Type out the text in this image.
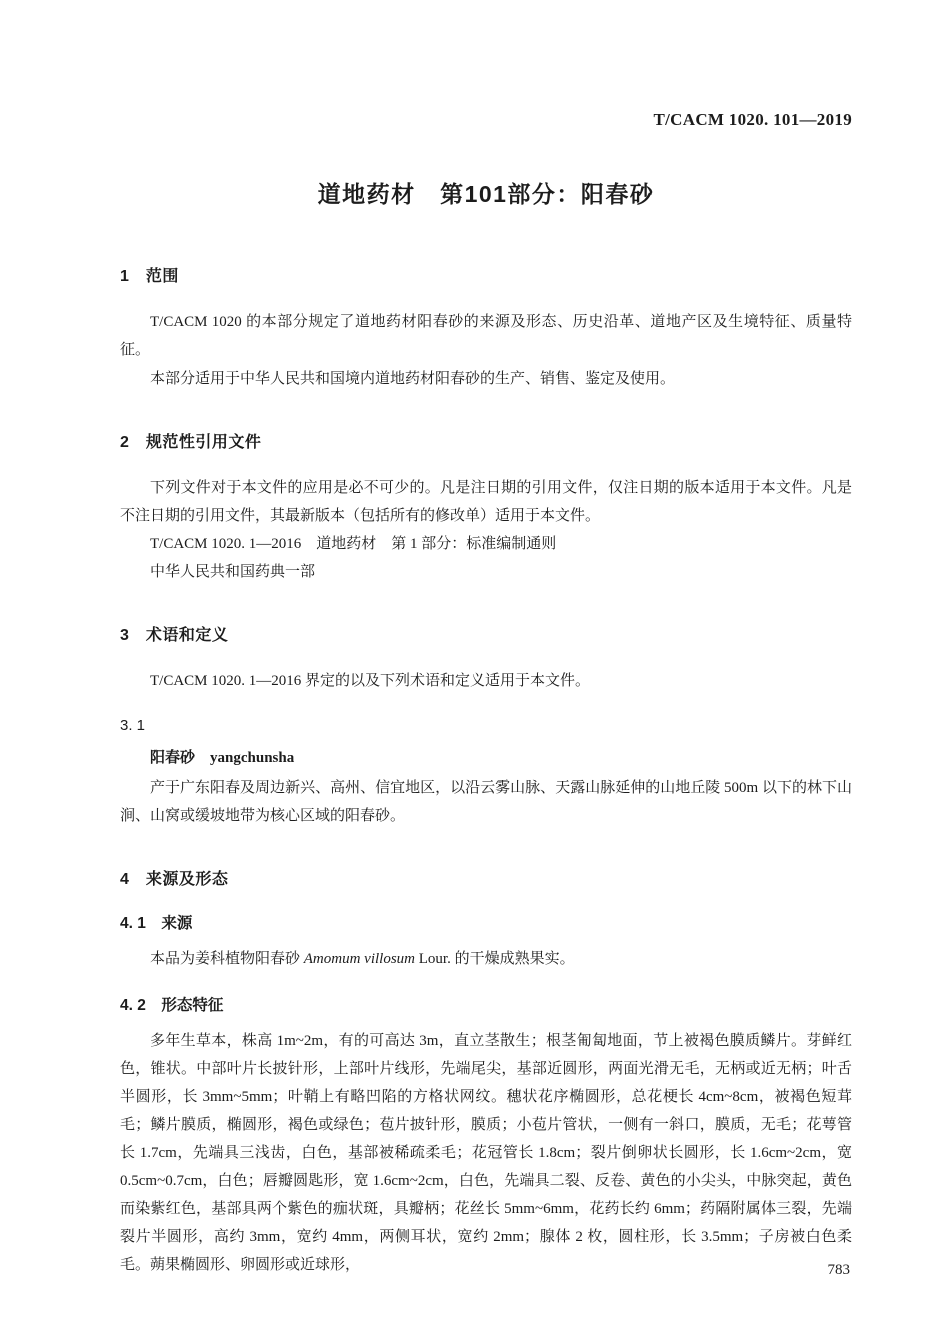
T/CACM 1020. 101—2019
道地药材　第101部分：阳春砂
1　范围

T/CACM 1020 的本部分规定了道地药材阳春砂的来源及形态、历史沿革、道地产区及生境特征、质量特征。

本部分适用于中华人民共和国境内道地药材阳春砂的生产、销售、鉴定及使用。

2　规范性引用文件

下列文件对于本文件的应用是必不可少的。凡是注日期的引用文件，仅注日期的版本适用于本文件。凡是不注日期的引用文件，其最新版本（包括所有的修改单）适用于本文件。

T/CACM 1020. 1—2016　道地药材　第 1 部分：标准编制通则

中华人民共和国药典一部

3　术语和定义

T/CACM 1020. 1—2016 界定的以及下列术语和定义适用于本文件。

3. 1

阳春砂 yangchunsha

产于广东阳春及周边新兴、高州、信宜地区，以沿云雾山脉、天露山脉延伸的山地丘陵 500m 以下的林下山涧、山窝或缓坡地带为核心区域的阳春砂。

4　来源及形态
4. 1　来源

本品为姜科植物阳春砂 Amomum villosum Lour. 的干燥成熟果实。

4. 2　形态特征

多年生草本，株高 1m~2m，有的可高达 3m，直立茎散生；根茎匍匐地面，节上被褐色膜质鳞片。芽鲜红色，锥状。中部叶片长披针形，上部叶片线形，先端尾尖，基部近圆形，两面光滑无毛，无柄或近无柄；叶舌半圆形，长 3mm~5mm；叶鞘上有略凹陷的方格状网纹。穗状花序椭圆形，总花梗长 4cm~8cm，被褐色短茸毛；鳞片膜质，椭圆形，褐色或绿色；苞片披针形，膜质；小苞片管状，一侧有一斜口，膜质，无毛；花萼管长 1.7cm，先端具三浅齿，白色，基部被稀疏柔毛；花冠管长 1.8cm；裂片倒卵状长圆形，长 1.6cm~2cm，宽 0.5cm~0.7cm，白色；唇瓣圆匙形，宽 1.6cm~2cm，白色，先端具二裂、反卷、黄色的小尖头，中脉突起，黄色而染紫红色，基部具两个紫色的痂状斑，具瓣柄；花丝长 5mm~6mm，花药长约 6mm；药隔附属体三裂，先端裂片半圆形，高约 3mm，宽约 4mm，两侧耳状，宽约 2mm；腺体 2 枚，圆柱形，长 3.5mm；子房被白色柔毛。蒴果椭圆形、卵圆形或近球形，	783
